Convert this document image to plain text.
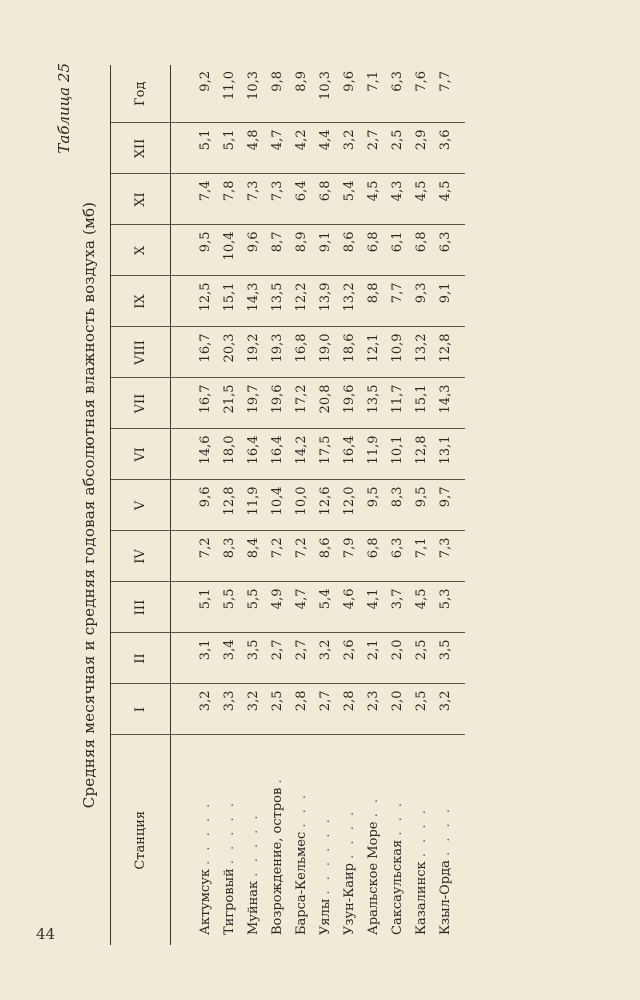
44
Таблица 25
Средняя месячная и средняя годовая абсолютная влажность воздуха (мб)
Станция	I	II	III	IV	V	VI	VII	VIII	IX	X	XI	XII	Год
Актумсук . . . . .	3,2	3,1	5,1	7,2	9,6	14,6	16,7	16,7	12,5	9,5	7,4	5,1	9,2
Тигровый . . . . .	3,3	3,4	5,5	8,3	12,8	18,0	21,5	20,3	15,1	10,4	7,8	5,1	11,0
Муйнак . . . . .	3,2	3,5	5,5	8,4	11,9	16,4	19,7	19,2	14,3	9,6	7,3	4,8	10,3
Возрождение, остров .	2,5	2,7	4,9	7,2	10,4	16,4	19,6	19,3	13,5	8,7	7,3	4,7	9,8
Барса-Кельмес . . .	2,8	2,7	4,7	7,2	10,0	14,2	17,2	16,8	12,2	8,9	6,4	4,2	8,9
Уялы . . . . . .	2,7	3,2	5,4	8,6	12,6	17,5	20,8	19,0	13,9	9,1	6,8	4,4	10,3
Узун-Каир . . . .	2,8	2,6	4,6	7,9	12,0	16,4	19,6	18,6	13,2	8,6	5,4	3,2	9,6
Аральское Море . .	2,3	2,1	4,1	6,8	9,5	11,9	13,5	12,1	8,8	6,8	4,5	2,7	7,1
Саксаульская . . .	2,0	2,0	3,7	6,3	8,3	10,1	11,7	10,9	7,7	6,1	4,3	2,5	6,3
Казалинск . . . .	2,5	2,5	4,5	7,1	9,5	12,8	15,1	13,2	9,3	6,8	4,5	2,9	7,6
Кзыл-Орда . . . .	3,2	3,5	5,3	7,3	9,7	13,1	14,3	12,8	9,1	6,3	4,5	3,6	7,7
